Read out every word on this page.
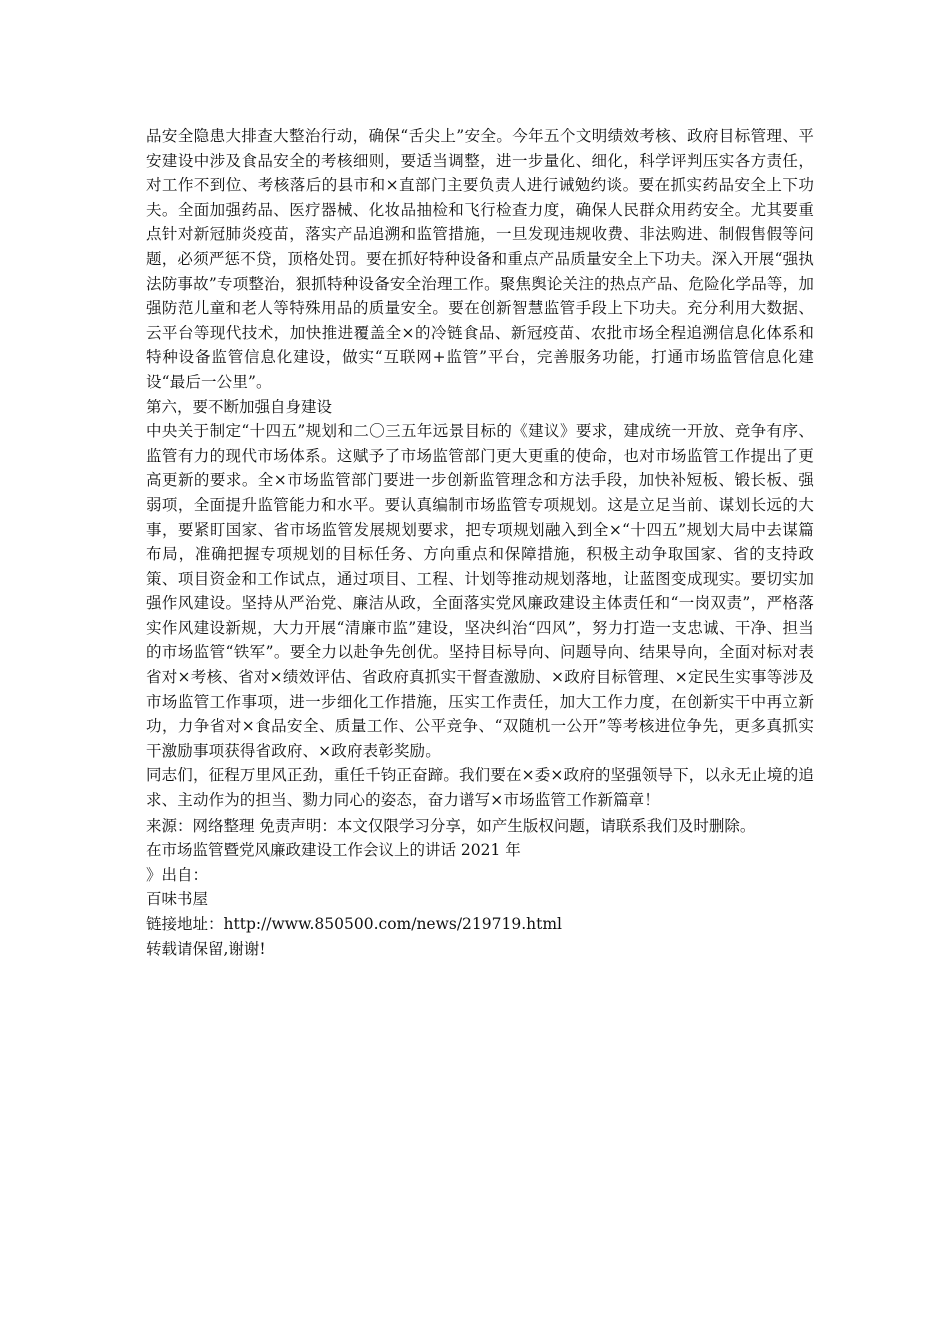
品安全隐患大排查大整治行动，确保“舌尖上”安全。今年五个文明绩效考核、政府目标管理、平安建设中涉及食品安全的考核细则，要适当调整，进一步量化、细化，科学评判压实各方责任，对工作不到位、考核落后的县市和×直部门主要负责人进行诫勉约谈。要在抓实药品安全上下功夫。全面加强药品、医疗器械、化妆品抽检和飞行检查力度，确保人民群众用药安全。尤其要重点针对新冠肺炎疫苗，落实产品追溯和监管措施，一旦发现违规收费、非法购进、制假售假等问题，必须严惩不贷，顶格处罚。要在抓好特种设备和重点产品质量安全上下功夫。深入开展“强执法防事故”专项整治，狠抓特种设备安全治理工作。聚焦舆论关注的热点产品、危险化学品等，加强防范儿童和老人等特殊用品的质量安全。要在创新智慧监管手段上下功夫。充分利用大数据、云平台等现代技术，加快推进覆盖全×的冷链食品、新冠疫苗、农批市场全程追溯信息化体系和特种设备监管信息化建设，做实“互联网+监管”平台，完善服务功能，打通市场监管信息化建设“最后一公里”。

第六，要不断加强自身建设

中央关于制定“十四五”规划和二〇三五年远景目标的《建议》要求，建成统一开放、竞争有序、监管有力的现代市场体系。这赋予了市场监管部门更大更重的使命，也对市场监管工作提出了更高更新的要求。全×市场监管部门要进一步创新监管理念和方法手段，加快补短板、锻长板、强弱项，全面提升监管能力和水平。要认真编制市场监管专项规划。这是立足当前、谋划长远的大事，要紧盯国家、省市场监管发展规划要求，把专项规划融入到全×“十四五”规划大局中去谋篇布局，准确把握专项规划的目标任务、方向重点和保障措施，积极主动争取国家、省的支持政策、项目资金和工作试点，通过项目、工程、计划等推动规划落地，让蓝图变成现实。要切实加强作风建设。坚持从严治党、廉洁从政，全面落实党风廉政建设主体责任和“一岗双责”，严格落实作风建设新规，大力开展“清廉市监”建设，坚决纠治“四风”，努力打造一支忠诚、干净、担当的市场监管“铁军”。要全力以赴争先创优。坚持目标导向、问题导向、结果导向，全面对标对表省对×考核、省对×绩效评估、省政府真抓实干督查激励、×政府目标管理、×定民生实事等涉及市场监管工作事项，进一步细化工作措施，压实工作责任，加大工作力度，在创新实干中再立新功，力争省对×食品安全、质量工作、公平竞争、“双随机一公开”等考核进位争先，更多真抓实干激励事项获得省政府、×政府表彰奖励。

同志们，征程万里风正劲，重任千钧正奋蹄。我们要在×委×政府的坚强领导下，以永无止境的追求、主动作为的担当、勠力同心的姿态，奋力谱写×市场监管工作新篇章！

来源：网络整理 免责声明：本文仅限学习分享，如产生版权问题，请联系我们及时删除。

在市场监管暨党风廉政建设工作会议上的讲话 2021 年

》出自：

百味书屋

链接地址：http://www.850500.com/news/219719.html

转载请保留,谢谢!
